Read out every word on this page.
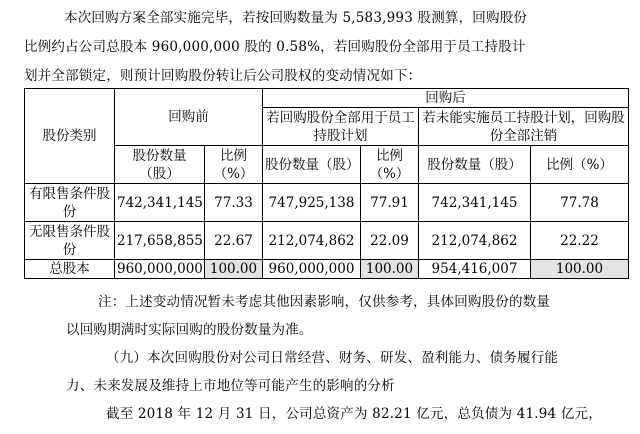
本次回购方案全部实施完毕，若按回购数量为 5,583,993 股测算，回购股份
比例约占公司总股本 960,000,000 股的 0.58%，若回购股份全部用于员工持股计
划并全部锁定，则预计回购股份转让后公司股权的变动情况如下：
股份类别	回购前		回购后			
			若回购股份全部用于员工持股计划		若未能实施员工持股计划，回购股份全部注销	
	股份数量（股）	比例（%）	股份数量（股）	比例（%）	股份数量（股）	比例（%）
有限售条件股份	742,341,145	77.33	747,925,138	77.91	742,341,145	77.78
无限售条件股份	217,658,855	22.67	212,074,862	22.09	212,074,862	22.22
总股本	960,000,000	100.00	960,000,000	100.00	954,416,007	100.00
注：上述变动情况暂未考虑其他因素影响，仅供参考，具体回购股份的数量
以回购期满时实际回购的股份数量为准。
（九）本次回购股份对公司日常经营、财务、研发、盈利能力、债务履行能
力、未来发展及维持上市地位等可能产生的影响的分析
截至 2018 年 12 月 31 日，公司总资产为 82.21 亿元，总负债为 41.94 亿元，
